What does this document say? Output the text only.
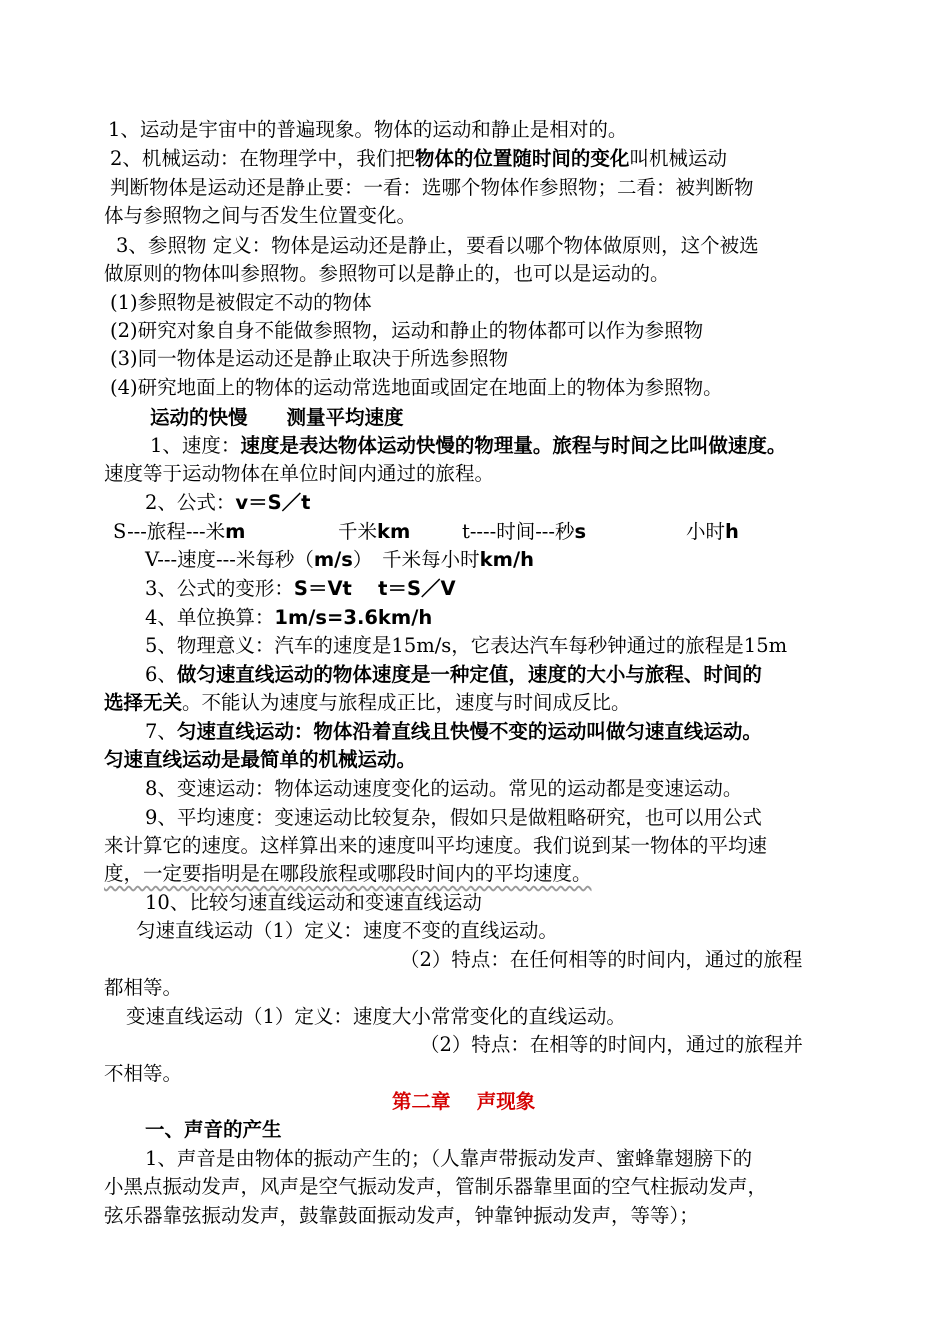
1、运动是宇宙中的普遍现象。物体的运动和静止是相对的。
2、机械运动：在物理学中，我们把物体的位置随时间的变化叫机械运动
判断物体是运动还是静止要：一看：选哪个物体作参照物；二看：被判断物
体与参照物之间与否发生位置变化。
3、参照物 定义：物体是运动还是静止，要看以哪个物体做原则，这个被选
做原则的物体叫参照物。参照物可以是静止的，也可以是运动的。
(1)参照物是被假定不动的物体
(2)研究对象自身不能做参照物，运动和静止的物体都可以作为参照物
(3)同一物体是运动还是静止取决于所选参照物
(4)研究地面上的物体的运动常选地面或固定在地面上的物体为参照物。
运动的快慢　　测量平均速度
1、速度：速度是表达物体运动快慢的物理量。旅程与时间之比叫做速度。
速度等于运动物体在单位时间内通过的旅程。
2、公式：v＝S／t
S---旅程---米m	千米km	t----时间---秒s	小时h
V---速度---米每秒（m/s）　千米每小时km/h
3、公式的变形：S＝Vt　 t＝S／V
4、单位换算：1m/s=3.6km/h
5、物理意义：汽车的速度是15m/s，它表达汽车每秒钟通过的旅程是15m
6、做匀速直线运动的物体速度是一种定值，速度的大小与旅程、时间的
选择无关。不能认为速度与旅程成正比，速度与时间成反比。
7、匀速直线运动：物体沿着直线且快慢不变的运动叫做匀速直线运动。
匀速直线运动是最简单的机械运动。
8、变速运动：物体运动速度变化的运动。常见的运动都是变速运动。
9、平均速度：变速运动比较复杂，假如只是做粗略研究，也可以用公式
来计算它的速度。这样算出来的速度叫平均速度。我们说到某一物体的平均速
度，一定要指明是在哪段旅程或哪段时间内的平均速度。
10、比较匀速直线运动和变速直线运动
匀速直线运动（1）定义：速度不变的直线运动。
（2）特点：在任何相等的时间内，通过的旅程
都相等。
变速直线运动（1）定义：速度大小常常变化的直线运动。
（2）特点：在相等的时间内，通过的旅程并
不相等。
第二章　 声现象
一、声音的产生
1、声音是由物体的振动产生的；（人靠声带振动发声、蜜蜂靠翅膀下的
小黑点振动发声，风声是空气振动发声，管制乐器靠里面的空气柱振动发声，
弦乐器靠弦振动发声，鼓靠鼓面振动发声，钟靠钟振动发声，等等）；
